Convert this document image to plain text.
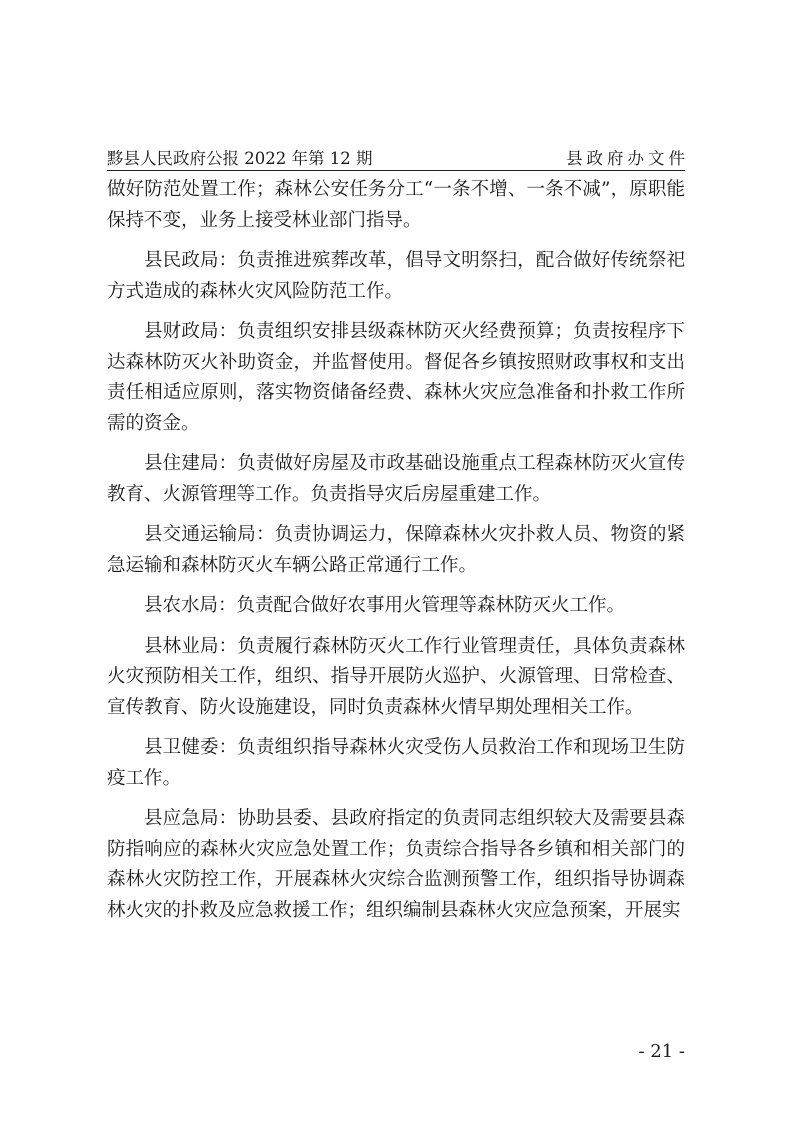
黟县人民政府公报 2022 年第 12 期	县政府办文件

做好防范处置工作；森林公安任务分工“一条不增、一条不减”，原职能保持不变，业务上接受林业部门指导。

县民政局：负责推进殡葬改革，倡导文明祭扫，配合做好传统祭祀方式造成的森林火灾风险防范工作。

县财政局：负责组织安排县级森林防灭火经费预算；负责按程序下达森林防灭火补助资金，并监督使用。督促各乡镇按照财政事权和支出责任相适应原则，落实物资储备经费、森林火灾应急准备和扑救工作所需的资金。

县住建局：负责做好房屋及市政基础设施重点工程森林防灭火宣传教育、火源管理等工作。负责指导灾后房屋重建工作。

县交通运输局：负责协调运力，保障森林火灾扑救人员、物资的紧急运输和森林防灭火车辆公路正常通行工作。

县农水局：负责配合做好农事用火管理等森林防灭火工作。

县林业局：负责履行森林防灭火工作行业管理责任，具体负责森林火灾预防相关工作，组织、指导开展防火巡护、火源管理、日常检查、宣传教育、防火设施建设，同时负责森林火情早期处理相关工作。

县卫健委：负责组织指导森林火灾受伤人员救治工作和现场卫生防疫工作。

县应急局：协助县委、县政府指定的负责同志组织较大及需要县森防指响应的森林火灾应急处置工作；负责综合指导各乡镇和相关部门的森林火灾防控工作，开展森林火灾综合监测预警工作，组织指导协调森林火灾的扑救及应急救援工作；组织编制县森林火灾应急预案，开展实

- 21 -
